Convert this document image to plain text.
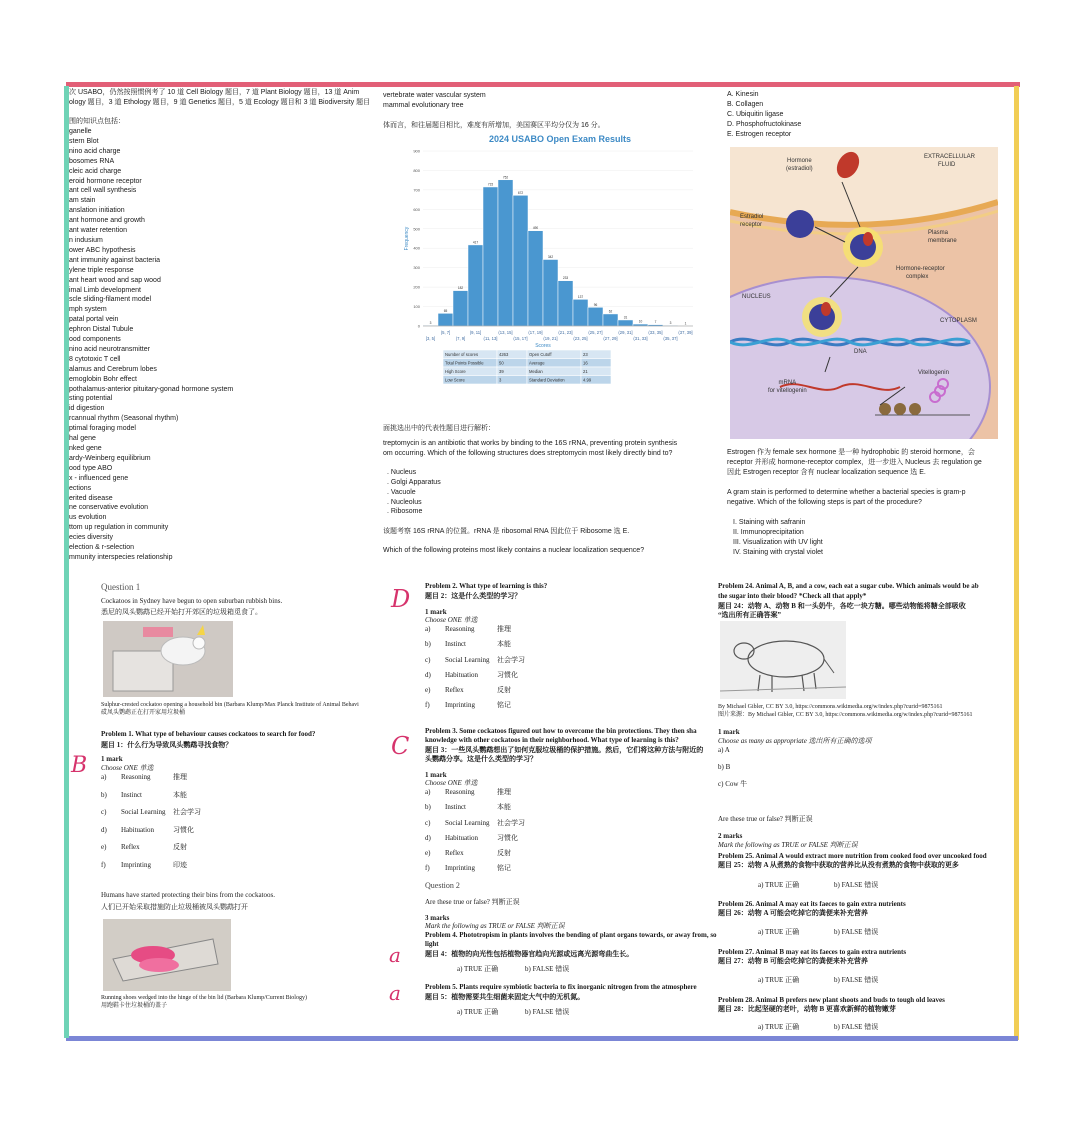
次 USABO，仍然按照惯例考了 10 道 Cell Biology 题目，7 道 Plant Biology 题目，13 道 Anim
ology 题目，3 道 Ethology 题目，9 道 Genetics 题目，5 道 Ecology 题目和 3 道 Biodiversity 题目
围的知识点包括：
ganelle
stern Blot
nino acid charge
bosomes RNA
cleic acid charge
eroid hormone receptor
ant cell wall synthesis
am stain
anslation initiation
ant hormone and growth
ant water retention
n indusium
ower ABC hypothesis
ant immunity against bacteria
ylene triple response
ant heart wood and sap wood
imal Limb development
scle sliding-filament model
mph system
patal portal vein
ephron Distal Tubule
ood components
nino acid neurotransmitter
8 cytotoxic T cell
alamus and Cerebrum lobes
emoglobin Bohr effect
pothalamus-anterior pituitary-gonad hormone system
sting potential
id digestion
rcannual rhythm (Seasonal rhythm)
ptimal foraging model
hal gene
nked gene
ardy-Weinberg equilibrium
ood type ABO
x - influenced gene
ections
erited disease
ne conservative evolution
us evolution
ttom up regulation in community
ecies diversity
election & r-selection
mmunity interspecies relationship
vertebrate water vascular system
mammal evolutionary tree
体而言，和往届题目相比，难度有所增加，美国赛区平均分仅为 16 分。
2024 USABO Open Exam Results
0
100
200
300
400
500
600
700
800
900
Frequency
3
65
182
417
715
752
672
490
342
233
137
96
62
31
10	7	3	1
(5, 7]	(9, 11]	(13, 15]	(17, 19]	(21, 23]	(25, 27]	(29, 31]	(33, 35]	(37, 39]
[3, 5]	(7, 9]	(11, 13]	(15, 17]	(19, 21]	(23, 25]	(27, 29]	(31, 33]	(35, 37]
Scores
Number of scores	4263	Open Cutoff	23
Total Points Possible	50	Average	16
High Score	39	Median	21
Low Score	3	Standard Deviation	4.99
面挑选出中的代表性题目进行解析：
treptomycin is an antibiotic that works by binding to the 16S rRNA, preventing protein synthesis
om occurring. Which of the following structures does streptomycin most likely directly bind to?
. Nucleus
. Golgi Apparatus
. Vacuole
. Nucleolus
. Ribosome
该题考察 16S rRNA 的位置。rRNA 是 ribosomal RNA 因此位于 Ribosome 选 E.
Which of the following proteins most likely contains a nuclear localization sequence?
A. Kinesin
B. Collagen
C. Ubiquitin ligase
D. Phosphofructokinase
E. Estrogen receptor
Hormone
(estradiol)
EXTRACELLULAR
FLUID
Estradiol
receptor
Plasma
membrane
Hormone-receptor
complex
NUCLEUS
CYTOPLASM
DNA
Vitellogenin
mRNA
for vitellogenin
Estrogen 作为 female sex hormone 是一种 hydrophobic 的 steroid hormone，会
receptor 并形成 hormone-receptor complex，进一步进入 Nucleus 去 regulation ge
因此 Estrogen receptor 含有 nuclear localization sequence 选 E.
A gram stain is performed to determine whether a bacterial species is gram-p
negative. Which of the following steps is part of the procedure?
I. Staining with safranin
II. Immunoprecipitation
III. Visualization with UV light
IV. Staining with crystal violet
Question 1
Cockatoos in Sydney have begun to open suburban rubbish bins.
悉尼的凤头鹦鹉已经开始打开郊区的垃圾箱觅食了。
Sulphur-crested cockatoo opening a household bin (Barbara Klump/Max Planck Institute of Animal Behavi
砹凤头鹦鹉正在打开家用垃圾桶
Problem 1. What type of behaviour causes cockatoos to search for food?
题目 1：什么行为导致凤头鹦鹉寻找食物？
B 1 mark
Choose ONE 单选
a) Reasoning	推理
b) Instinct	本能
c) Social Learning 社会学习
d) Habituation	习惯化
e) Reflex	反射
f) Imprinting	印迹
Humans have started protecting their bins from the cockatoos.
人们已开始采取措施防止垃圾桶被凤头鹦鹉打开
Running shoes wedged into the hinge of the bin lid (Barbara Klump/Current Biology)
用跑鞋卡住垃圾桶的盖子
D Problem 2. What type of learning is this?
题目 2：这是什么类型的学习？
1 mark
Choose ONE 单选
a) Reasoning	推理
b) Instinct	本能
c) Social Learning 社会学习
d) Habituation	习惯化
e) Reflex	反射
f) Imprinting	铭记
C
Problem 3. Some cockatoos figured out how to overcome the bin protections. They then sha
knowledge with other cockatoos in their neighborhood. What type of learning is this?
题目 3：一些凤头鹦鹉想出了如何克服垃圾桶的保护措施。然后，它们将这种方法与附近的
头鹦鹉分享。这是什么类型的学习？
1 mark
Choose ONE 单选
a) Reasoning	推理
b) Instinct	本能
c) Social Learning 社会学习
d) Habituation	习惯化
e) Reflex	反射
f) Imprinting	铭记
Question 2
Are these true or false? 判断正误
3 marks
Mark the following as TRUE or FALSE 判断正误
Problem 4. Phototropism in plants involves the bending of plant organs towards, or away from, so
light
题目 4：植物的向光性包括植物器官趋向光源或远离光源弯曲生长。
a
a) TRUE 正确	b) FALSE 错误
Problem 5. Plants require symbiotic bacteria to fix inorganic nitrogen from the atmosphere
题目 5：植物需要共生细菌来固定大气中的无机氮。
a
a) TRUE 正确	b) FALSE 错误
Problem 24. Animal A, B, and a cow, each eat a sugar cube. Which animals would be ab
the sugar into their blood? *Check all that apply*
题目 24：动物 A、动物 B 和一头奶牛，各吃一块方糖。哪些动物能将糖全部吸收
“选出所有正确答案”
By Michael Gibler, CC BY 3.0, https://commons.wikimedia.org/w/index.php?curid=9875161
图片来源：By Michael Gibler, CC BY 3.0, https://commons.wikimedia.org/w/index.php?curid=9875161
1 mark
Choose as many as appropriate 选出所有正确的选项
a) A
b) B
c) Cow 牛
Are these true or false? 判断正误
2 marks
Mark the following as TRUE or FALSE 判断正误
Problem 25. Animal A would extract more nutrition from cooked food over uncooked food
题目 25：动物 A 从煮熟的食物中获取的营养比从没有煮熟的食物中获取的更多
a) TRUE 正确	b) FALSE 错误
Problem 26. Animal A may eat its faeces to gain extra nutrients
题目 26：动物 A 可能会吃掉它的粪便来补充营养
a) TRUE 正确	b) FALSE 错误
Problem 27. Animal B may eat its faeces to gain extra nutrients
题目 27：动物 B 可能会吃掉它的粪便来补充营养
a) TRUE 正确	b) FALSE 错误
Problem 28. Animal B prefers new plant shoots and buds to tough old leaves
题目 28：比起坚硬的老叶，动物 B 更喜欢新鲜的植物嫩芽
a) TRUE 正确	b) FALSE 错误
